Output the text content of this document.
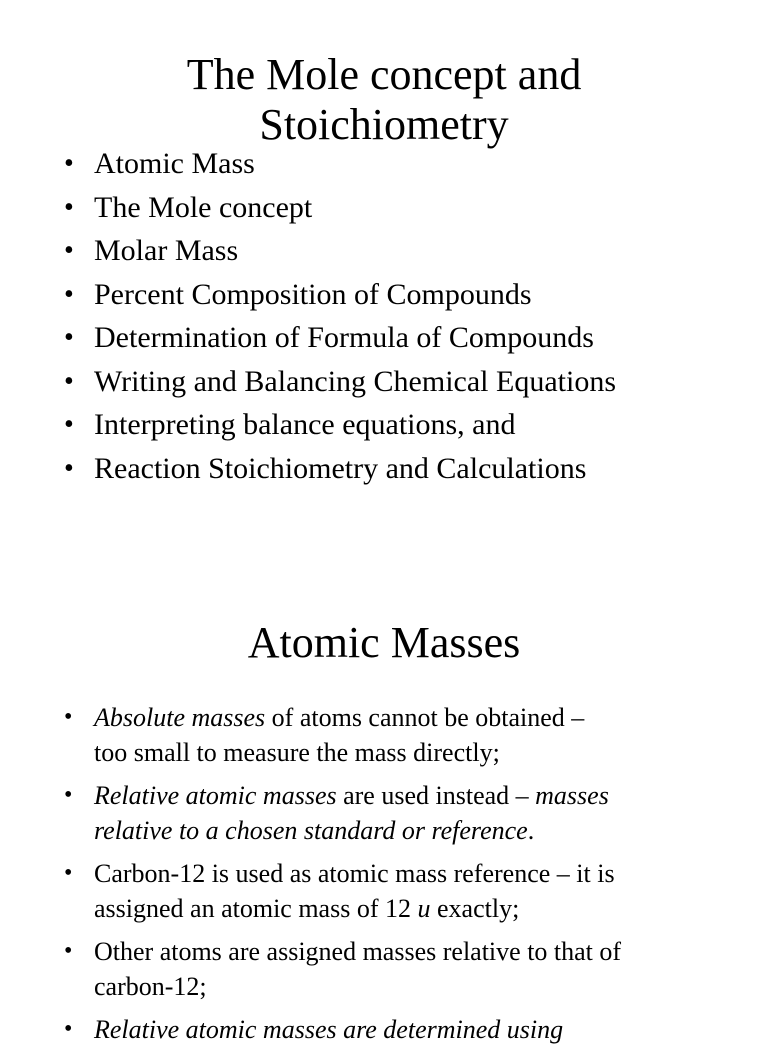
The Mole concept and
Stoichiometry
• Atomic Mass
• The Mole concept
• Molar Mass
• Percent Composition of Compounds
• Determination of Formula of Compounds
• Writing and Balancing Chemical Equations
• Interpreting balance equations, and
• Reaction Stoichiometry and Calculations
Atomic Masses
• Absolute masses of atoms cannot be obtained –
too small to measure the mass directly;
• Relative atomic masses are used instead – masses
relative to a chosen standard or reference.
• Carbon-12 is used as atomic mass reference – it is
assigned an atomic mass of 12 u exactly;
• Other atoms are assigned masses relative to that of
carbon-12;
• Relative atomic masses are determined using
